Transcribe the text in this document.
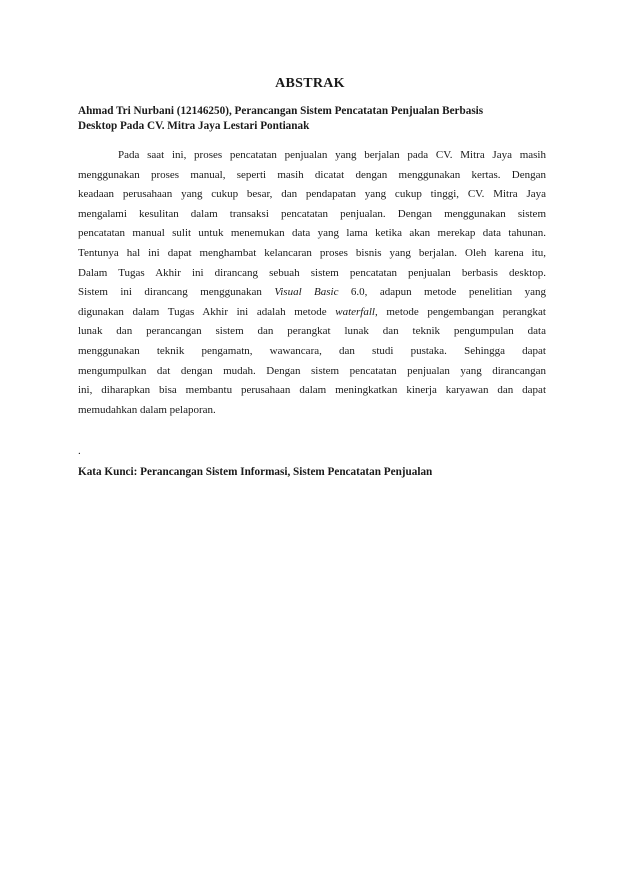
ABSTRAK
Ahmad Tri Nurbani (12146250), Perancangan Sistem Pencatatan Penjualan Berbasis
Desktop Pada CV. Mitra Jaya Lestari Pontianak
Pada saat ini, proses pencatatan penjualan yang berjalan pada CV. Mitra Jaya masih
menggunakan proses manual, seperti masih dicatat dengan menggunakan kertas. Dengan
keadaan perusahaan yang cukup besar, dan pendapatan yang cukup tinggi, CV. Mitra Jaya
mengalami kesulitan dalam transaksi pencatatan penjualan. Dengan menggunakan sistem
pencatatan manual sulit untuk menemukan data yang lama ketika akan merekap data tahunan.
Tentunya hal ini dapat menghambat kelancaran proses bisnis yang berjalan. Oleh karena itu,
Dalam Tugas Akhir ini dirancang sebuah sistem pencatatan penjualan berbasis desktop.
Sistem ini dirancang menggunakan Visual Basic 6.0, adapun metode penelitian yang
digunakan dalam Tugas Akhir ini adalah metode waterfall, metode pengembangan perangkat
lunak dan perancangan sistem dan perangkat lunak dan teknik pengumpulan data
menggunakan teknik pengamatn, wawancara, dan studi pustaka. Sehingga dapat
mengumpulkan dat dengan mudah. Dengan sistem pencatatan penjualan yang dirancangan
ini, diharapkan bisa membantu perusahaan dalam meningkatkan kinerja karyawan dan dapat
memudahkan dalam pelaporan.
.
Kata Kunci: Perancangan Sistem Informasi, Sistem Pencatatan Penjualan
